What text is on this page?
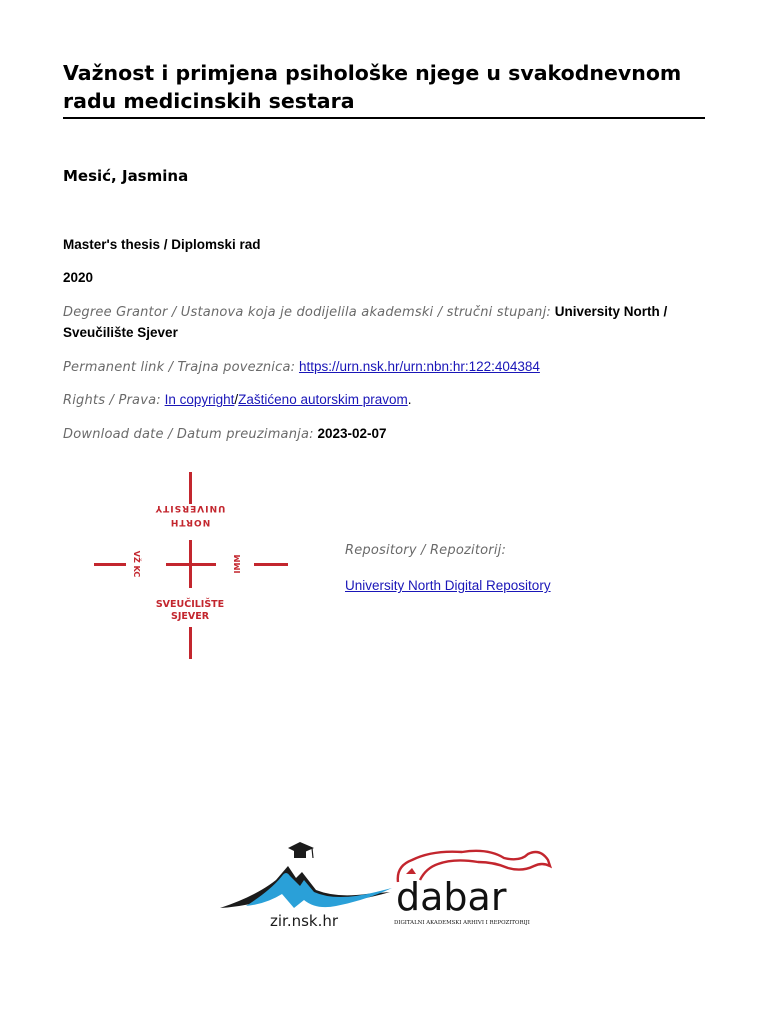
Važnost i primjena psihološke njege u svakodnevnom radu medicinskih sestara
Mesić, Jasmina
Master's thesis / Diplomski rad
2020
Degree Grantor / Ustanova koja je dodijelila akademski / stručni stupanj: University North / Sveučilište Sjever
Permanent link / Trajna poveznica: https://urn.nsk.hr/urn:nbn:hr:122:404384
Rights / Prava: In copyright/Zaštićeno autorskim pravom.
Download date / Datum preuzimanja: 2023-02-07
NORTH
UNIVERSITY
VŽ KC	IMM
SVEUČILIŠTE
SJEVER
Repository / Repozitorij:
University North Digital Repository
zir.nsk.hr
dabar
DIGITALNI AKADEMSKI ARHIVI I REPOZITORIJI
